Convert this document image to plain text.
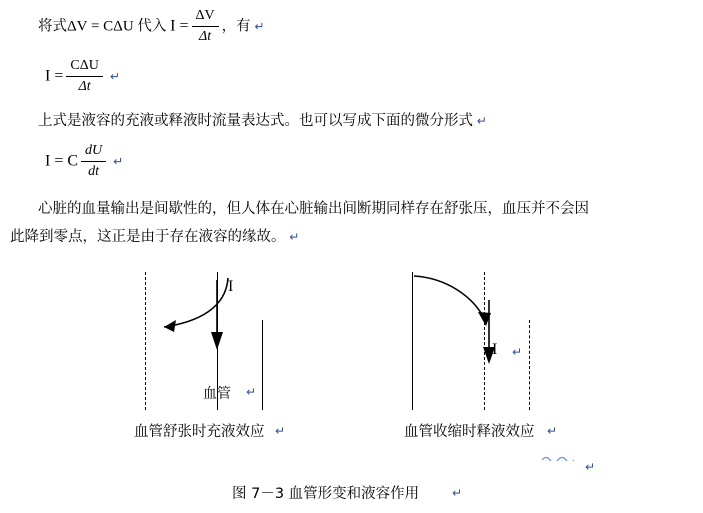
将式ΔV = CΔU 代入 $I = \frac{\Delta V}{\Delta t}$ ，有 ↵
$I = \frac{\text{CΔU}}{\Delta t}$ ↵
上式是液容的充液或释液时流量表达式。也可以写成下面的微分形式 ↵
I = C $\frac{dU}{dt}$ ↵
心脏的血量输出是间歇性的，但人体在心脏输出间断期同样存在舒张压，血压并不会因
此降到零点，这正是由于存在液容的缘故。 ↵
I
血管 ↵
I ↵
血管舒张时充液效应 ↵	血管收缩时释液效应 ↵
↵
图 7－3 血管形变和液容作用	↵
